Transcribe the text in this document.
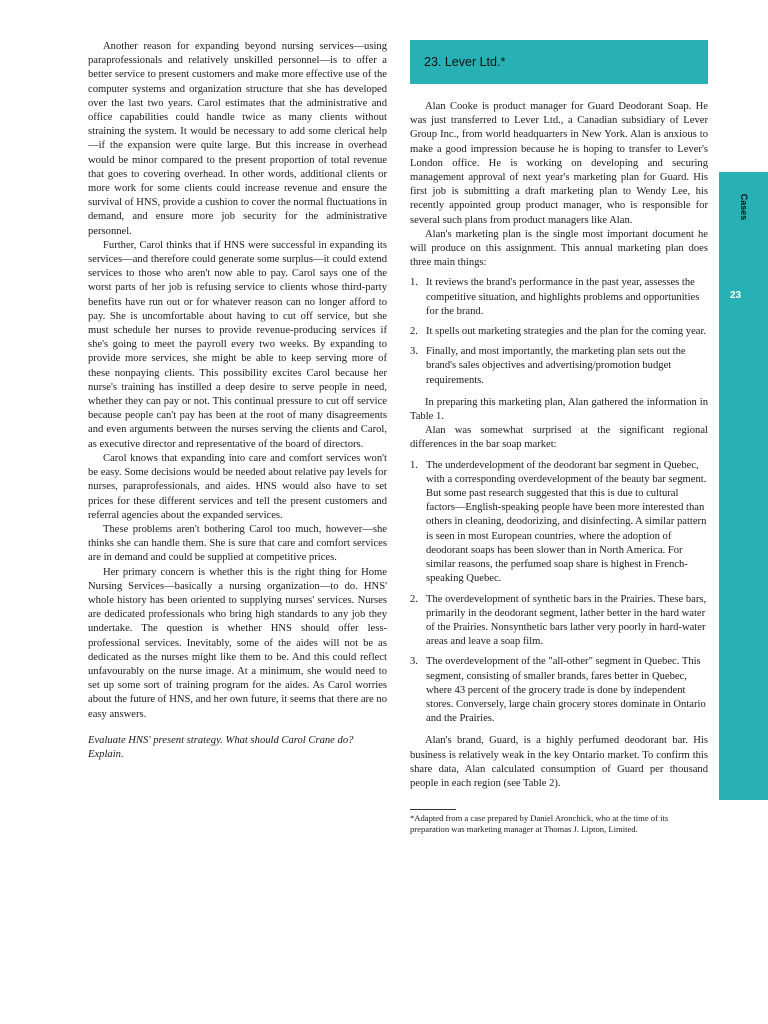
Another reason for expanding beyond nursing services—using paraprofessionals and relatively unskilled personnel—is to offer a better service to present customers and make more effective use of the computer systems and organization structure that she has developed over the last two years. Carol estimates that the administrative and office capabilities could handle twice as many clients without straining the system. It would be necessary to add some clerical help—if the expansion were quite large. But this increase in overhead would be minor compared to the present proportion of total revenue that goes to covering overhead. In other words, additional clients or more work for some clients could increase revenue and ensure the survival of HNS, provide a cushion to cover the normal fluctuations in demand, and ensure more job security for the administrative personnel.

Further, Carol thinks that if HNS were successful in expanding its services—and therefore could generate some surplus—it could extend services to those who aren't now able to pay. Carol says one of the worst parts of her job is refusing service to clients whose third-party benefits have run out or for whatever reason can no longer afford to pay. She is uncomfortable about having to cut off service, but she must schedule her nurses to provide revenue-producing services if she's going to meet the payroll every two weeks. By expanding to provide more services, she might be able to keep serving more of these nonpaying clients. This possibility excites Carol because her nurse's training has instilled a deep desire to serve people in need, whether they can pay or not. This continual pressure to cut off service because people can't pay has been at the root of many disagreements and even arguments between the nurses serving the clients and Carol, as executive director and representative of the board of directors.

Carol knows that expanding into care and comfort services won't be easy. Some decisions would be needed about relative pay levels for nurses, paraprofessionals, and aides. HNS would also have to set prices for these different services and tell the present customers and referral agencies about the expanded services.

These problems aren't bothering Carol too much, however—she thinks she can handle them. She is sure that care and comfort services are in demand and could be supplied at competitive prices.

Her primary concern is whether this is the right thing for Home Nursing Services—basically a nursing organization—to do. HNS' whole history has been oriented to supplying nurses' services. Nurses are dedicated professionals who bring high standards to any job they undertake. The question is whether HNS should offer less-professional services. Inevitably, some of the aides will not be as dedicated as the nurses might like them to be. And this could reflect unfavourably on the nurse image. At a minimum, she would need to set up some sort of training program for the aides. As Carol worries about the future of HNS, and her own future, it seems that there are no easy answers.

Evaluate HNS' present strategy. What should Carol Crane do? Explain.

23. Lever Ltd.*

Alan Cooke is product manager for Guard Deodorant Soap. He was just transferred to Lever Ltd., a Canadian subsidiary of Lever Group Inc., from world headquarters in New York. Alan is anxious to make a good impression because he is hoping to transfer to Lever's London office. He is working on developing and securing management approval of next year's marketing plan for Guard. His first job is submitting a draft marketing plan to Wendy Lee, his recently appointed group product manager, who is responsible for several such plans from product managers like Alan.

Alan's marketing plan is the single most important document he will produce on this assignment. This annual marketing plan does three main things:

1. It reviews the brand's performance in the past year, assesses the competitive situation, and highlights problems and opportunities for the brand.
2. It spells out marketing strategies and the plan for the coming year.
3. Finally, and most importantly, the marketing plan sets out the brand's sales objectives and advertising/promotion budget requirements.

In preparing this marketing plan, Alan gathered the information in Table 1.

Alan was somewhat surprised at the significant regional differences in the bar soap market:

1. The underdevelopment of the deodorant bar segment in Quebec, with a corresponding overdevelopment of the beauty bar segment. But some past research suggested that this is due to cultural factors—English-speaking people have been more interested than others in cleaning, deodorizing, and disinfecting. A similar pattern is seen in most European countries, where the adoption of deodorant soaps has been slower than in North America. For similar reasons, the perfumed soap share is highest in French-speaking Quebec.
2. The overdevelopment of synthetic bars in the Prairies. These bars, primarily in the deodorant segment, lather better in the hard water of the Prairies. Nonsynthetic bars lather very poorly in hard-water areas and leave a soap film.
3. The overdevelopment of the "all-other" segment in Quebec. This segment, consisting of smaller brands, fares better in Quebec, where 43 percent of the grocery trade is done by independent stores. Conversely, large chain grocery stores dominate in Ontario and the Prairies.

Alan's brand, Guard, is a highly perfumed deodorant bar. His business is relatively weak in the key Ontario market. To confirm this share data, Alan calculated consumption of Guard per thousand people in each region (see Table 2).

*Adapted from a case prepared by Daniel Aronchick, who at the time of its preparation was marketing manager at Thomas J. Lipton, Limited.
Cases
23
